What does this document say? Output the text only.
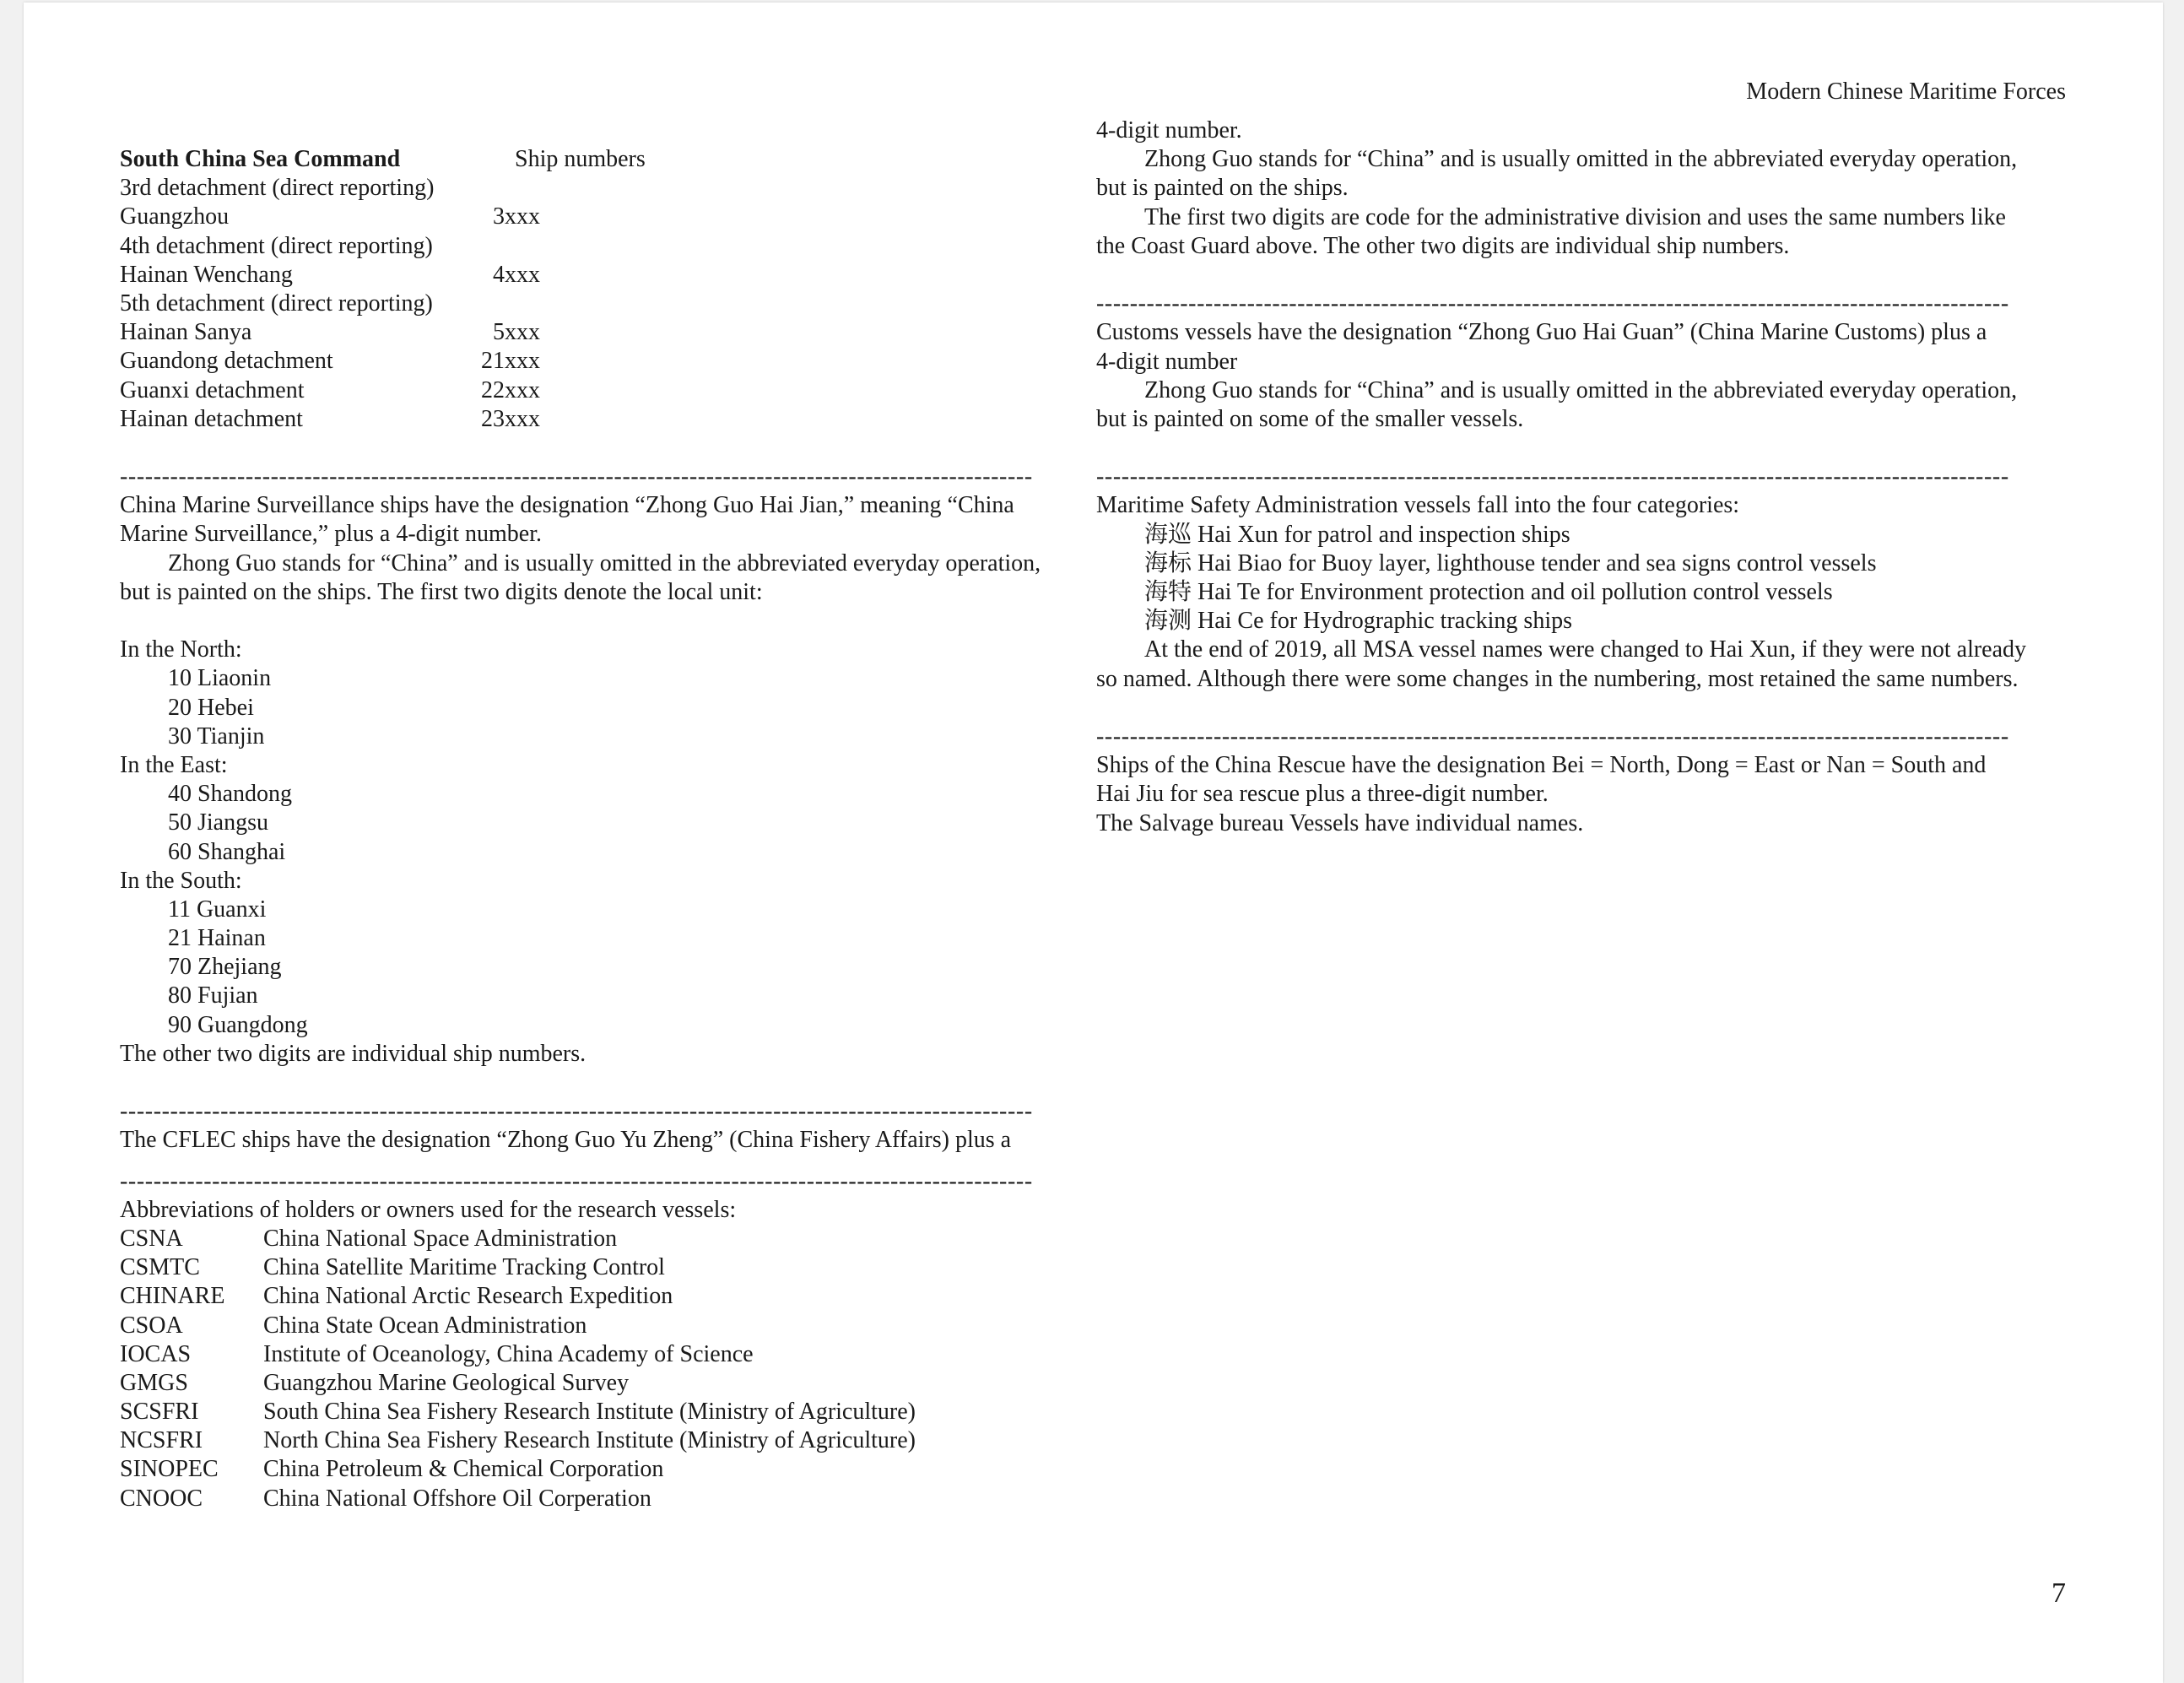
Modern Chinese Maritime Forces
South China Sea Command	Ship numbers
3rd detachment (direct reporting)
Guangzhou	3xxx
4th detachment (direct reporting)
Hainan Wenchang	4xxx
5th detachment (direct reporting)
Hainan Sanya	5xxx
Guandong detachment	21xxx
Guanxi detachment	22xxx
Hainan detachment	23xxx
-------------------------------------------------------------------------------------------------------------
China Marine Surveillance ships have the designation “Zhong Guo Hai Jian,” meaning “China
Marine Surveillance,” plus a 4-digit number.
Zhong Guo stands for “China” and is usually omitted in the abbreviated everyday operation,
but is painted on the ships. The first two digits denote the local unit:
In the North:
10 Liaonin
20 Hebei
30 Tianjin
In the East:
40 Shandong
50 Jiangsu
60 Shanghai
In the South:
11 Guanxi
21 Hainan
70 Zhejiang
80 Fujian
90 Guangdong
The other two digits are individual ship numbers.
-------------------------------------------------------------------------------------------------------------
The CFLEC ships have the designation “Zhong Guo Yu Zheng” (China Fishery Affairs) plus a
-------------------------------------------------------------------------------------------------------------
Abbreviations of holders or owners used for the research vessels:
CSNA	China National Space Administration
CSMTC	China Satellite Maritime Tracking Control
CHINARE	China National Arctic Research Expedition
CSOA	China State Ocean Administration
IOCAS	Institute of Oceanology, China Academy of Science
GMGS	Guangzhou Marine Geological Survey
SCSFRI	South China Sea Fishery Research Institute (Ministry of Agriculture)
NCSFRI	North China Sea Fishery Research Institute (Ministry of Agriculture)
SINOPEC	China Petroleum & Chemical Corporation
CNOOC	China National Offshore Oil Corperation
4-digit number.
Zhong Guo stands for “China” and is usually omitted in the abbreviated everyday operation,
but is painted on the ships.
The first two digits are code for the administrative division and uses the same numbers like
the Coast Guard above. The other two digits are individual ship numbers.
-------------------------------------------------------------------------------------------------------------
Customs vessels have the designation “Zhong Guo Hai Guan” (China Marine Customs) plus a
4-digit number
Zhong Guo stands for “China” and is usually omitted in the abbreviated everyday operation,
but is painted on some of the smaller vessels.
-------------------------------------------------------------------------------------------------------------
Maritime Safety Administration vessels fall into the four categories:
海巡 Hai Xun for patrol and inspection ships
海标 Hai Biao for Buoy layer, lighthouse tender and sea signs control vessels
海特 Hai Te for Environment protection and oil pollution control vessels
海测 Hai Ce for Hydrographic tracking ships
At the end of 2019, all MSA vessel names were changed to Hai Xun, if they were not already
so named. Although there were some changes in the numbering, most retained the same numbers.
-------------------------------------------------------------------------------------------------------------
Ships of the China Rescue have the designation Bei = North, Dong = East or Nan = South and
Hai Jiu for sea rescue plus a three-digit number.
The Salvage bureau Vessels have individual names.
7
